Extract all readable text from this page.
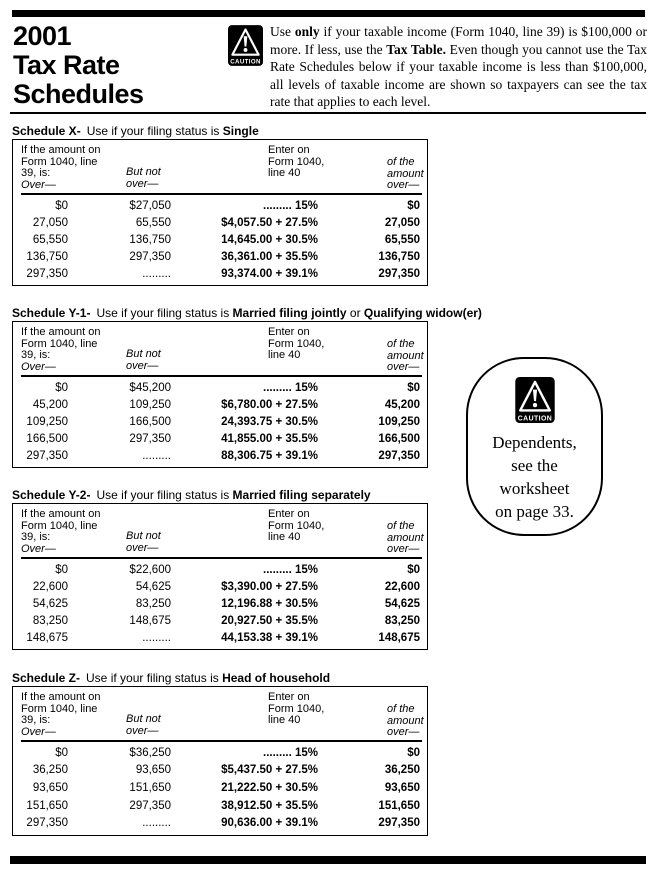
2001
Tax Rate
Schedules
CAUTION
Use only if your taxable income (Form 1040, line 39) is $100,000 or more. If less, use the Tax Table. Even though you cannot use the Tax Rate Schedules below if your taxable income is less than $100,000, all levels of taxable income are shown so taxpayers can see the tax rate that applies to each level.
Schedule X- Use if your filing status is Single
If the amount on
Form 1040, line
39, is:
Over—
But not
over—
Enter on
Form 1040,
line 40
of the
amount
over—
$0	$27,050	......... 15%	$0
27,050	65,550	$4,057.50 + 27.5%	27,050
65,550	136,750	14,645.00 + 30.5%	65,550
136,750	297,350	36,361.00 + 35.5%	136,750
297,350	.........	93,374.00 + 39.1%	297,350
Schedule Y-1- Use if your filing status is Married filing jointly or Qualifying widow(er)
If the amount on
Form 1040, line
39, is:
Over—
But not
over—
Enter on
Form 1040,
line 40
of the
amount
over—
$0	$45,200	......... 15%	$0
45,200	109,250	$6,780.00 + 27.5%	45,200
109,250	166,500	24,393.75 + 30.5%	109,250
166,500	297,350	41,855.00 + 35.5%	166,500
297,350	.........	88,306.75 + 39.1%	297,350
Schedule Y-2- Use if your filing status is Married filing separately
If the amount on
Form 1040, line
39, is:
Over—
But not
over—
Enter on
Form 1040,
line 40
of the
amount
over—
$0	$22,600	......... 15%	$0
22,600	54,625	$3,390.00 + 27.5%	22,600
54,625	83,250	12,196.88 + 30.5%	54,625
83,250	148,675	20,927.50 + 35.5%	83,250
148,675	.........	44,153.38 + 39.1%	148,675
Schedule Z- Use if your filing status is Head of household
If the amount on
Form 1040, line
39, is:
Over—
But not
over—
Enter on
Form 1040,
line 40
of the
amount
over—
$0	$36,250	......... 15%	$0
36,250	93,650	$5,437.50 + 27.5%	36,250
93,650	151,650	21,222.50 + 30.5%	93,650
151,650	297,350	38,912.50 + 35.5%	151,650
297,350	.........	90,636.00 + 39.1%	297,350
CAUTION
Dependents,
see the
worksheet
on page 33.
